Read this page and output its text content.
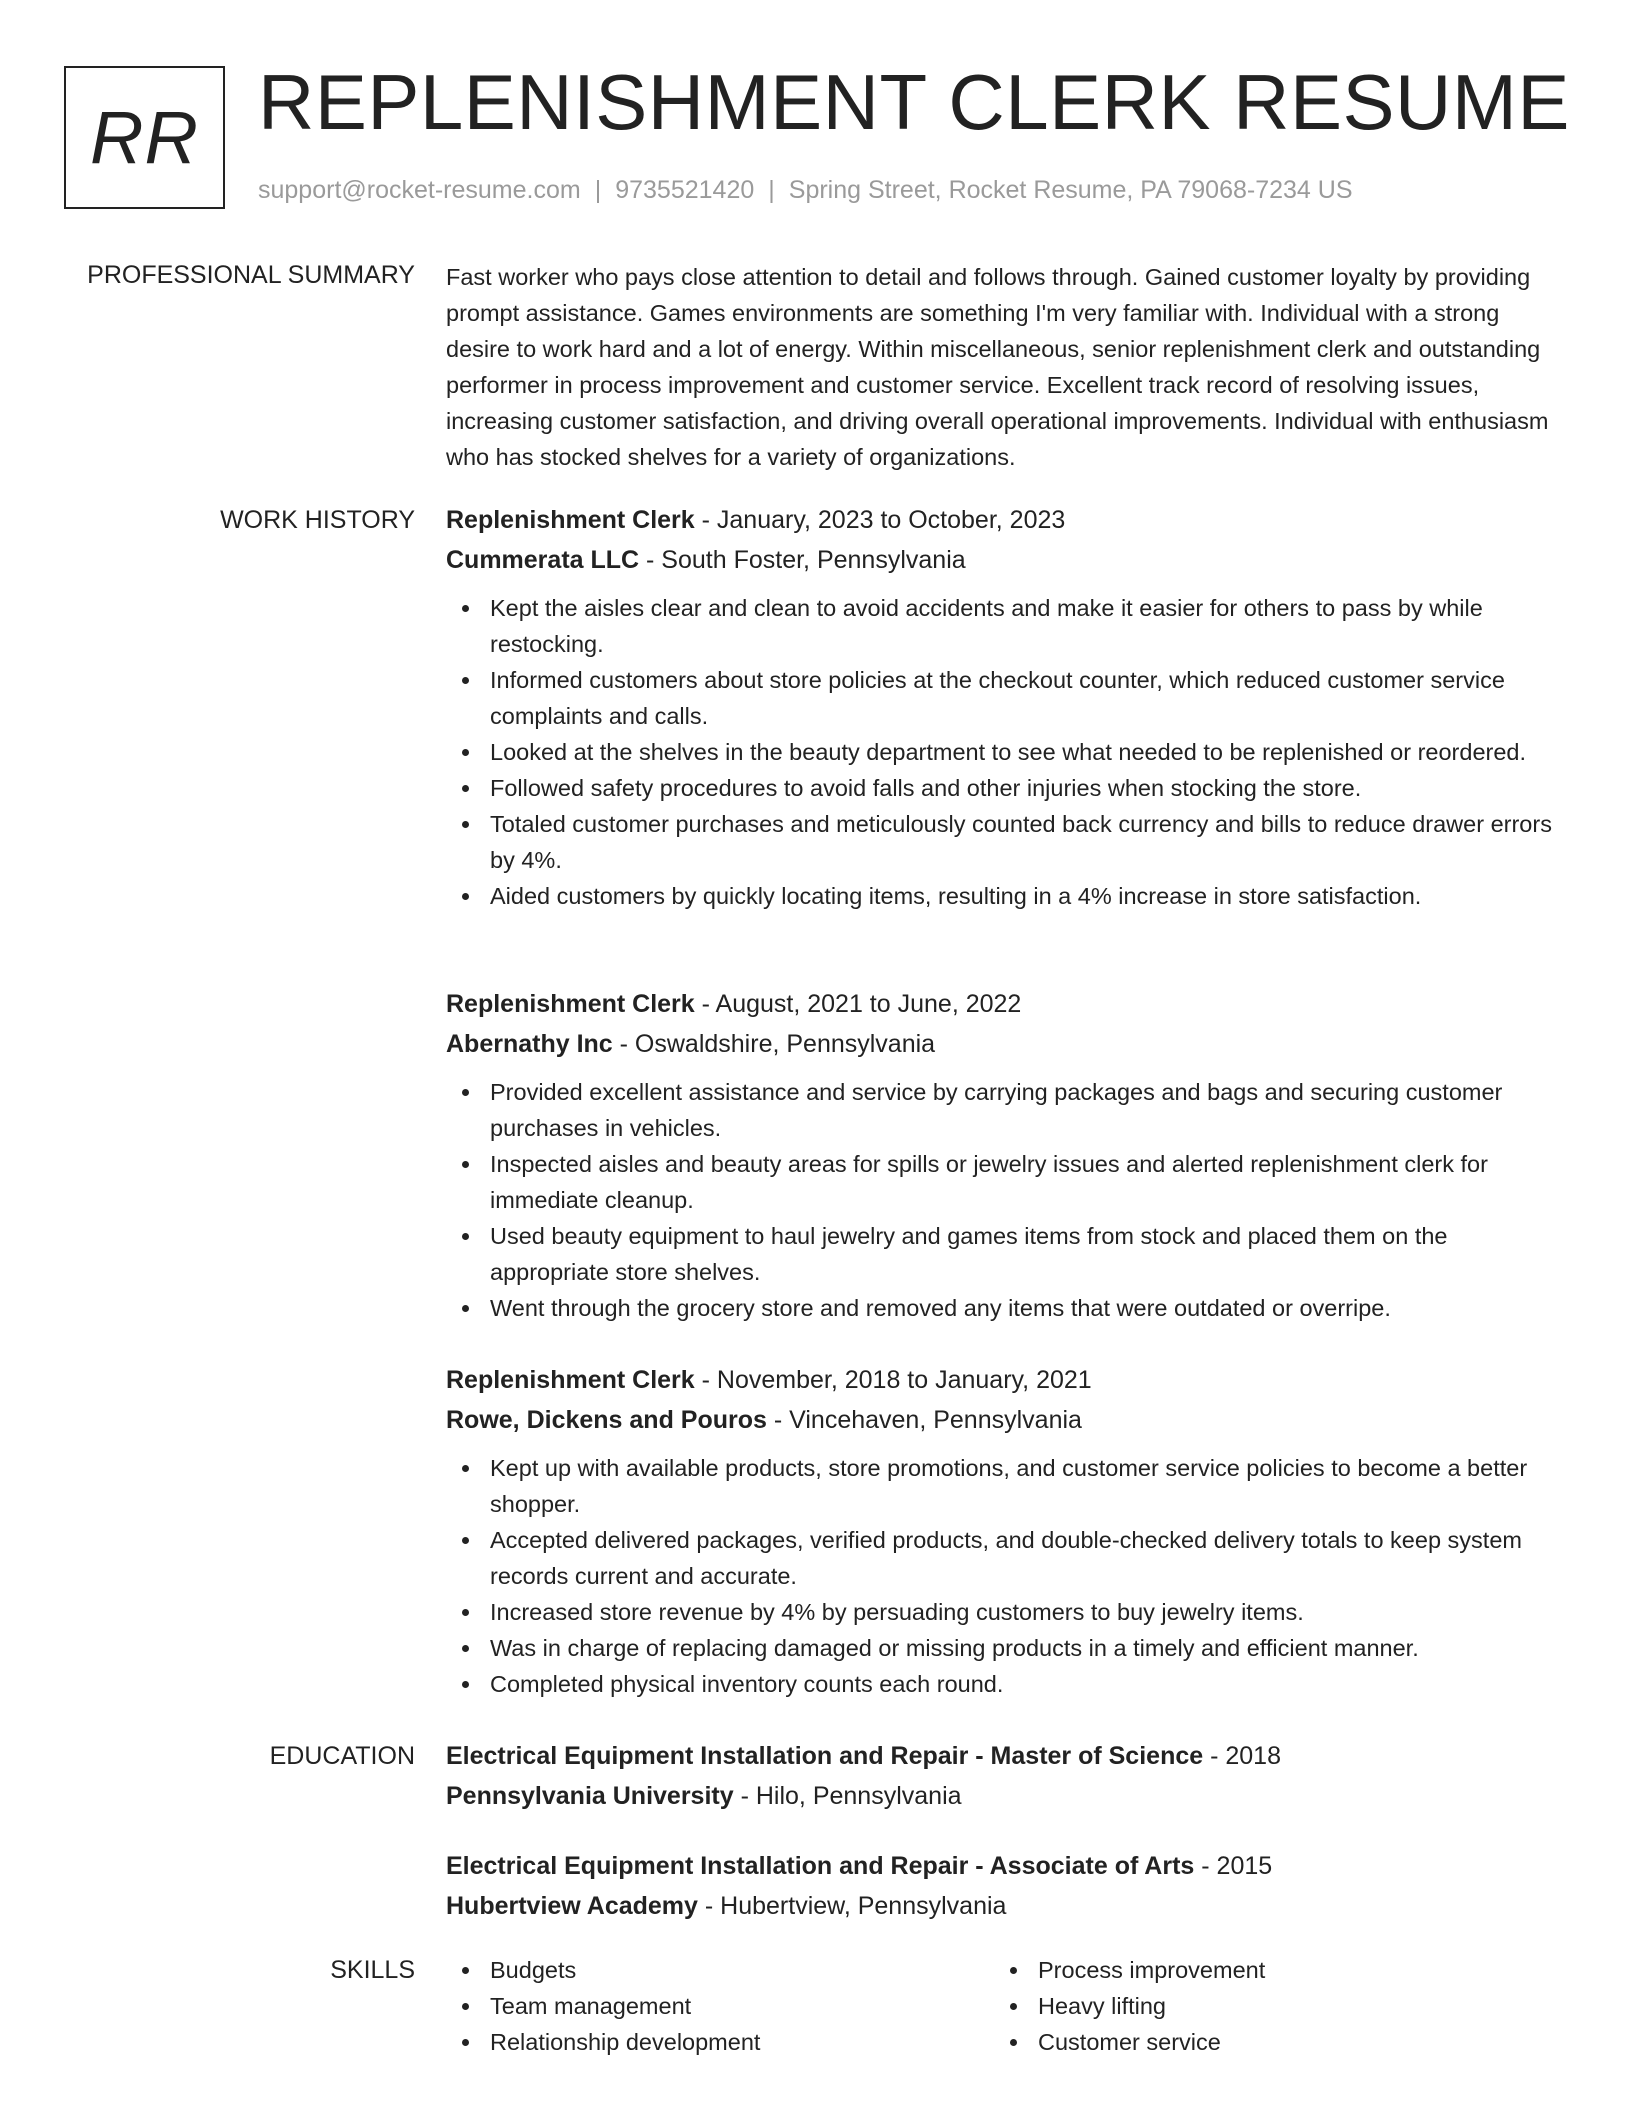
RR REPLENISHMENT CLERK RESUME
support@rocket-resume.com | 9735521420 | Spring Street, Rocket Resume, PA 79068-7234 US
PROFESSIONAL SUMMARY Fast worker who pays close attention to detail and follows through. Gained customer loyalty by providing prompt assistance. Games environments are something I'm very familiar with. Individual with a strong desire to work hard and a lot of energy. Within miscellaneous, senior replenishment clerk and outstanding performer in process improvement and customer service. Excellent track record of resolving issues, increasing customer satisfaction, and driving overall operational improvements. Individual with enthusiasm who has stocked shelves for a variety of organizations.

WORK HISTORY Replenishment Clerk - January, 2023 to October, 2023
Cummerata LLC - South Foster, Pennsylvania
Kept the aisles clear and clean to avoid accidents and make it easier for others to pass by while restocking.
Informed customers about store policies at the checkout counter, which reduced customer service complaints and calls.
Looked at the shelves in the beauty department to see what needed to be replenished or reordered.
Followed safety procedures to avoid falls and other injuries when stocking the store.
Totaled customer purchases and meticulously counted back currency and bills to reduce drawer errors by 4%.
Aided customers by quickly locating items, resulting in a 4% increase in store satisfaction.
Replenishment Clerk - August, 2021 to June, 2022
Abernathy Inc - Oswaldshire, Pennsylvania
Provided excellent assistance and service by carrying packages and bags and securing customer purchases in vehicles.
Inspected aisles and beauty areas for spills or jewelry issues and alerted replenishment clerk for immediate cleanup.
Used beauty equipment to haul jewelry and games items from stock and placed them on the appropriate store shelves.
Went through the grocery store and removed any items that were outdated or overripe.
Replenishment Clerk - November, 2018 to January, 2021
Rowe, Dickens and Pouros - Vincehaven, Pennsylvania
Kept up with available products, store promotions, and customer service policies to become a better shopper.
Accepted delivered packages, verified products, and double-checked delivery totals to keep system records current and accurate.
Increased store revenue by 4% by persuading customers to buy jewelry items.
Was in charge of replacing damaged or missing products in a timely and efficient manner.
Completed physical inventory counts each round.
EDUCATION Electrical Equipment Installation and Repair - Master of Science - 2018
Pennsylvania University - Hilo, Pennsylvania
Electrical Equipment Installation and Repair - Associate of Arts - 2015
Hubertview Academy - Hubertview, Pennsylvania
SKILLS	Budgets
Team management
Relationship development
Process improvement
Heavy lifting
Customer service
